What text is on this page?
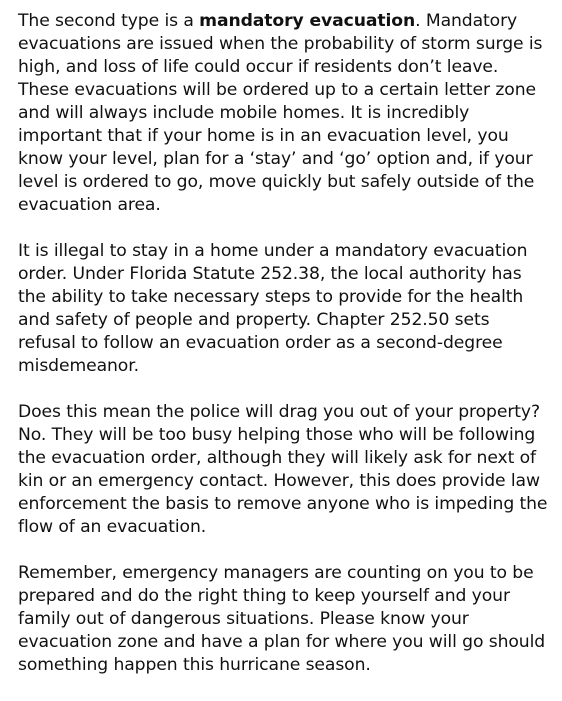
The second type is a mandatory evacuation. Mandatory evacuations are issued when the probability of storm surge is high, and loss of life could occur if residents don’t leave. These evacuations will be ordered up to a certain letter zone and will always include mobile homes. It is incredibly important that if your home is in an evacuation level, you know your level, plan for a ‘stay’ and ‘go’ option and, if your level is ordered to go, move quickly but safely outside of the evacuation area.

It is illegal to stay in a home under a mandatory evacuation order. Under Florida Statute 252.38, the local authority has the ability to take necessary steps to provide for the health and safety of people and property. Chapter 252.50 sets refusal to follow an evacuation order as a second-degree misdemeanor.

Does this mean the police will drag you out of your property? No. They will be too busy helping those who will be following the evacuation order, although they will likely ask for next of kin or an emergency contact. However, this does provide law enforcement the basis to remove anyone who is impeding the flow of an evacuation.

Remember, emergency managers are counting on you to be prepared and do the right thing to keep yourself and your family out of dangerous situations. Please know your evacuation zone and have a plan for where you will go should something happen this hurricane season.
